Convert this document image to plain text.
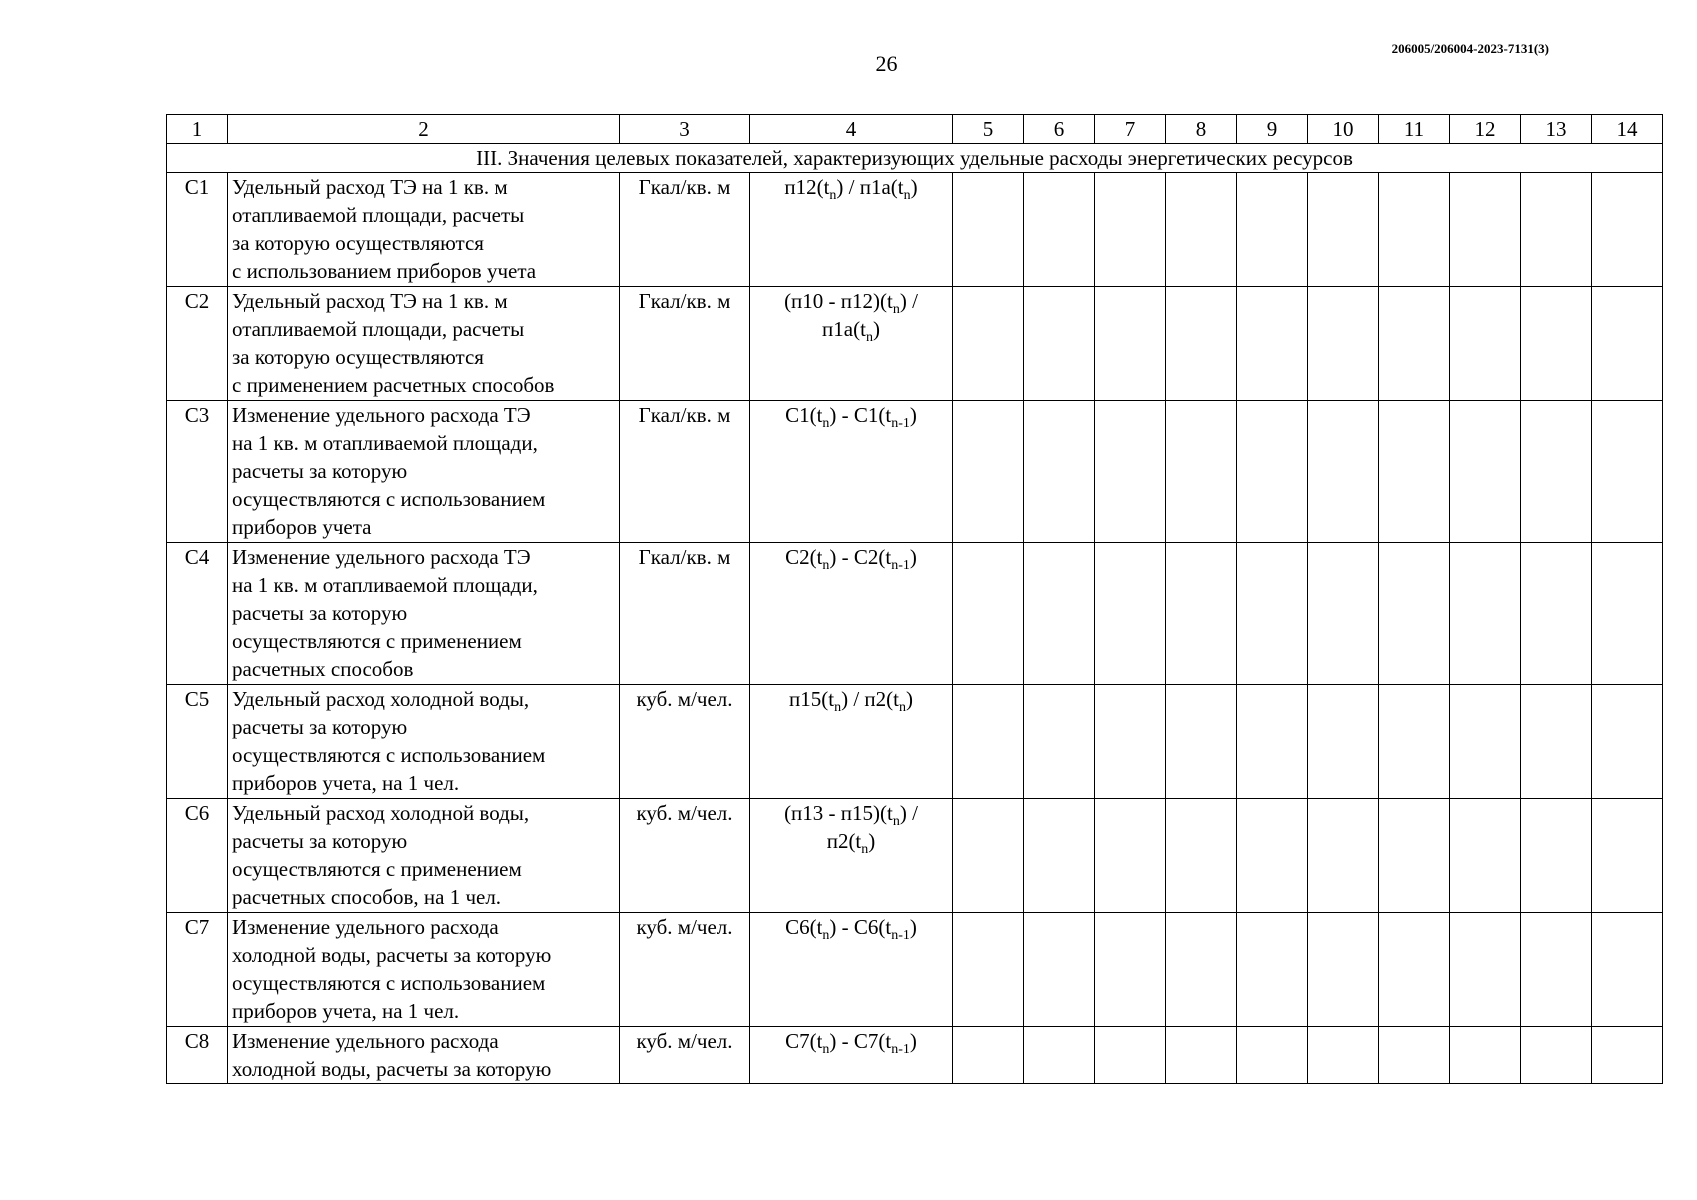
26
206005/206004-2023-7131(3)
1	2	3	4	5	6	7	8	9	10	11	12	13	14
III. Значения целевых показателей, характеризующих удельные расходы энергетических ресурсов													
С1	Удельный расход ТЭ на 1 кв. м
отапливаемой площади, расчеты
за которую осуществляются
с использованием приборов учета	Гкал/кв. м	$п12(t_n) / п1а(t_n)$										

С2	Удельный расход ТЭ на 1 кв. м
отапливаемой площади, расчеты
за которую осуществляются
с применением расчетных способов	Гкал/кв. м	$(п10 - п12)(t_n)$ /
$п1а(t_n)$										

С3	Изменение удельного расхода ТЭ
на 1 кв. м отапливаемой площади,
расчеты за которую
осуществляются с использованием
приборов учета	Гкал/кв. м	$С1(t_n) - С1(t_{n-1})$										

С4	Изменение удельного расхода ТЭ
на 1 кв. м отапливаемой площади,
расчеты за которую
осуществляются с применением
расчетных способов	Гкал/кв. м	$С2(t_n) - С2(t_{n-1})$										

С5	Удельный расход холодной воды,
расчеты за которую
осуществляются с использованием
приборов учета, на 1 чел.	куб. м/чел.	$п15(t_n) / п2(t_n)$										

С6	Удельный расход холодной воды,
расчеты за которую
осуществляются с применением
расчетных способов, на 1 чел.	куб. м/чел.	$(п13 - п15)(t_n)$ /
$п2(t_n)$										

С7	Изменение удельного расхода
холодной воды, расчеты за которую
осуществляются с использованием
приборов учета, на 1 чел.	куб. м/чел.	$С6(t_n) - С6(t_{n-1})$										

С8	Изменение удельного расхода
холодной воды, расчеты за которую	куб. м/чел.	$С7(t_n) - С7(t_{n-1})$										
